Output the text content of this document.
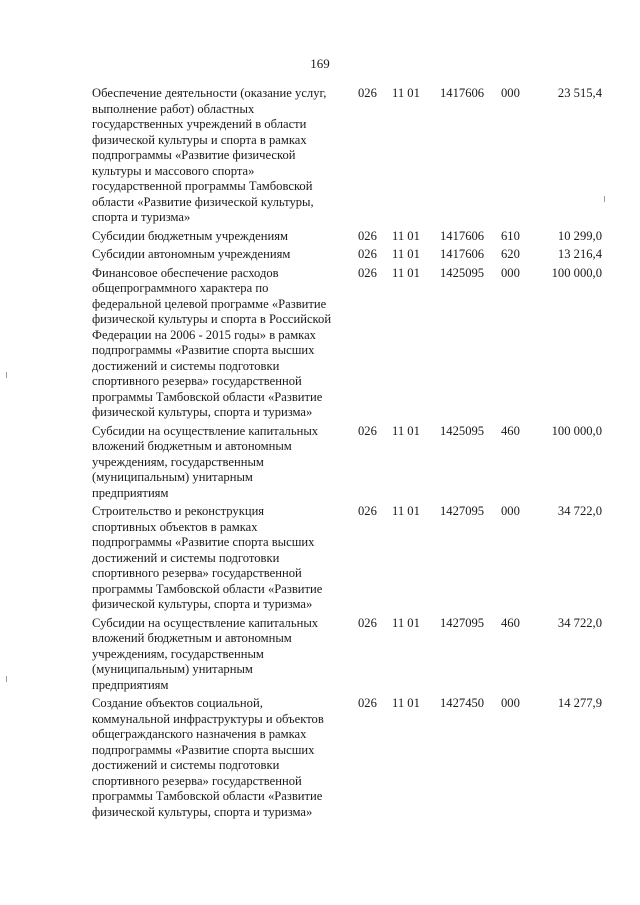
169
Обеспечение деятельности (оказание услуг,
выполнение работ) областных
государственных учреждений в области
физической культуры и спорта в рамках
подпрограммы «Развитие физической
культуры и массового спорта»
государственной программы Тамбовской
области «Развитие физической культуры,
спорта и туризма»
026 11 01 1417606 000	23 515,4
Субсидии бюджетным учреждениям	026 11 01 1417606 610	10 299,0
Субсидии автономным учреждениям	026 11 01 1417606 620	13 216,4
Финансовое обеспечение расходов
общепрограммного характера по
федеральной целевой программе «Развитие
физической культуры и спорта в Российской
Федерации на 2006 - 2015 годы» в рамках
подпрограммы «Развитие спорта высших
достижений и системы подготовки
спортивного резерва» государственной
программы Тамбовской области «Развитие
физической культуры, спорта и туризма»
026 11 01 1425095 000	100 000,0
Субсидии на осуществление капитальных
вложений бюджетным и автономным
учреждениям, государственным
(муниципальным) унитарным
предприятиям
026 11 01 1425095 460	100 000,0
Строительство и реконструкция
спортивных объектов в рамках
подпрограммы «Развитие спорта высших
достижений и системы подготовки
спортивного резерва» государственной
программы Тамбовской области «Развитие
физической культуры, спорта и туризма»
026 11 01 1427095 000	34 722,0
Субсидии на осуществление капитальных
вложений бюджетным и автономным
учреждениям, государственным
(муниципальным) унитарным
предприятиям
026 11 01 1427095 460	34 722,0
Создание объектов социальной,
коммунальной инфраструктуры и объектов
общегражданского назначения в рамках
подпрограммы «Развитие спорта высших
достижений и системы подготовки
спортивного резерва» государственной
программы Тамбовской области «Развитие
физической культуры, спорта и туризма»
026 11 01 1427450 000	14 277,9
